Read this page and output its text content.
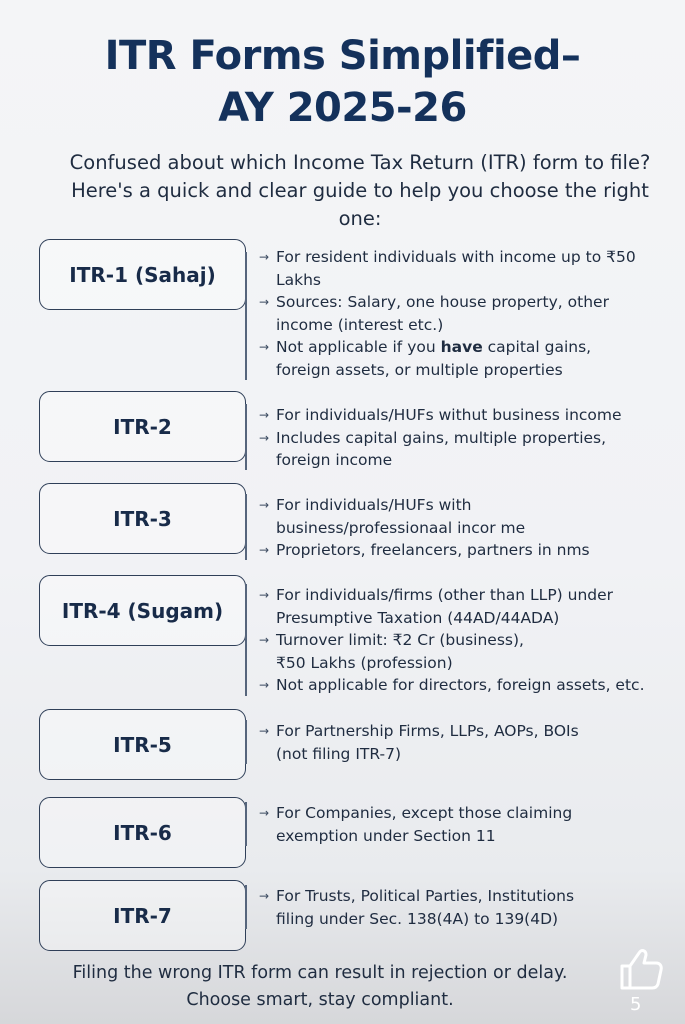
ITR Forms Simplified–
AY 2025-26
Confused about which Income Tax Return (ITR) form to file?
Here's a quick and clear guide to help you choose the right
one:
ITR-1 (Sahaj)
→ For resident individuals with income up to ₹50
Lakhs
→ Sources: Salary, one house property, other
income (interest etc.)
→ Not applicable if you have capital gains,
foreign assets, or multiple properties
ITR-2	→ For individuals/HUFs withut business income
→ Includes capital gains, multiple properties,
foreign income
ITR-3
→ For individuals/HUFs with
business/professionaal incor me
→ Proprietors, freelancers, partners in nms
ITR-4 (Sugam)
→ For individuals/firms (other than LLP) under
Presumptive Taxation (44AD/44ADA)
→ Turnover limit: ₹2 Cr (business),
₹50 Lakhs (profession)
→ Not applicable for directors, foreign assets, etc.
ITR-5
→ For Partnership Firms, LLPs, AOPs, BOIs
(not filing ITR-7)
ITR-6
→ For Companies, except those claiming
exemption under Section 11
ITR-7
→ For Trusts, Political Parties, Institutions
filing under Sec. 138(4A) to 139(4D)
Filing the wrong ITR form can result in rejection or delay.
Choose smart, stay compliant.	5
